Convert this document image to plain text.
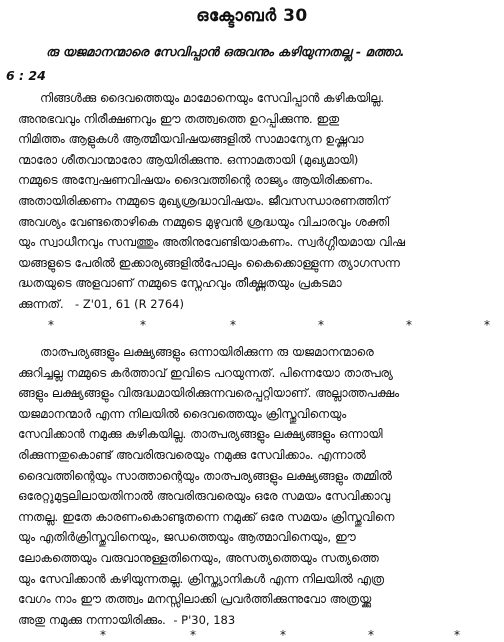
ഒക്ടോബർ 30
രു യജമാനന്മാരെ സേവിപ്പാൻ ഒരുവനും കഴിയുന്നതല്ല - മത്താ.
6 : 24
നിങ്ങൾക്കു ദൈവത്തെയും മാമോനെയും സേവിപ്പാൻ കഴികയില്ല.
അനുഭവവും നിരീക്ഷണവും ഈ തത്ത്വത്തെ ഉറപ്പിക്കുന്നു. ഇതു
നിമിത്തം ആളുകൾ ആത്മീയവിഷയങ്ങളിൽ സാമാന്യേന ഉഷ്ണവാ
ന്മാരോ ശീതവാന്മാരോ ആയിരിക്കുന്നു. ഒന്നാമതായി (മുഖ്യമായി)
നമ്മുടെ അന്വേഷണവിഷയം ദൈവത്തിന്റെ രാജ്യം ആയിരിക്കണം.
അതായിരിക്കണം നമ്മുടെ മുഖ്യശ്രദ്ധാവിഷയം. ജീവസന്ധാരണത്തിന്
അവശ്യം വേണ്ടതൊഴികെ നമ്മുടെ മുഴുവൻ ശ്രദ്ധയും വിചാരവും ശക്തി
യും സ്വാധീനവും സമ്പത്തും അതിനുവേണ്ടിയാകണം. സ്വർഗ്ഗീയമായ വിഷ
യങ്ങളുടെ പേരിൽ ഇക്കാര്യങ്ങളിൽപോലും കൈക്കൊള്ളുന്ന ത്യാഗസന്ന
ദ്ധതയുടെ അളവാണ് നമ്മുടെ സ്നേഹവും തീക്ഷ്ണതയും പ്രകടമാ
ക്കുന്നത്. - Z'01, 61 (R 2764)
*	*	*	*	*	*
താത്പര്യങ്ങളും ലക്ഷ്യങ്ങളും ഒന്നായിരിക്കുന്ന രു യജമാനന്മാരെ
ക്കുറിച്ചല്ല നമ്മുടെ കർത്താവ് ഇവിടെ പറയുന്നത്. പിന്നെയോ താത്പര്യ
ങ്ങളും ലക്ഷ്യങ്ങളും വിരുദ്ധമായിരിക്കുന്നവരെപ്പറ്റിയാണ്. അല്ലാത്തപക്ഷം
യജമാനന്മാർ എന്ന നിലയിൽ ദൈവത്തെയും ക്രിസ്തുവിനെയും
സേവിക്കാൻ നമുക്കു കഴികയില്ല. താത്പര്യങ്ങളും ലക്ഷ്യങ്ങളും ഒന്നായി
രിക്കുന്നതുകൊണ്ട് അവരിരുവരെയും നമുക്കു സേവിക്കാം. എന്നാൽ
ദൈവത്തിന്റെയും സാത്താന്റെയും താത്പര്യങ്ങളും ലക്ഷ്യങ്ങളും തമ്മിൽ
ഒരേറ്റുമുട്ടലിലായതിനാൽ അവരിരുവരെയും ഒരേ സമയം സേവിക്കാവു
ന്നതല്ല. ഇതേ കാരണംകൊണ്ടുതന്നെ നമുക്ക് ഒരേ സമയം ക്രിസ്തുവിനെ
യും എതിർക്രിസ്തുവിനെയും, ജഡത്തെയും ആത്മാവിനെയും, ഈ
ലോകത്തെയും വരുവാനുള്ളതിനെയും, അസത്യത്തെയും സത്യത്തെ
യും സേവിക്കാൻ കഴിയുന്നതല്ല. ക്രിസ്ത്യാനികൾ എന്ന നിലയിൽ എത്ര
വേഗം നാം ഈ തത്ത്വം മനസ്സിലാക്കി പ്രവർത്തിക്കുന്നുവോ അത്രയ്ക്കു
അതു നമുക്കു നന്നായിരിക്കും. - P'30, 183
*	*	*	*	*
